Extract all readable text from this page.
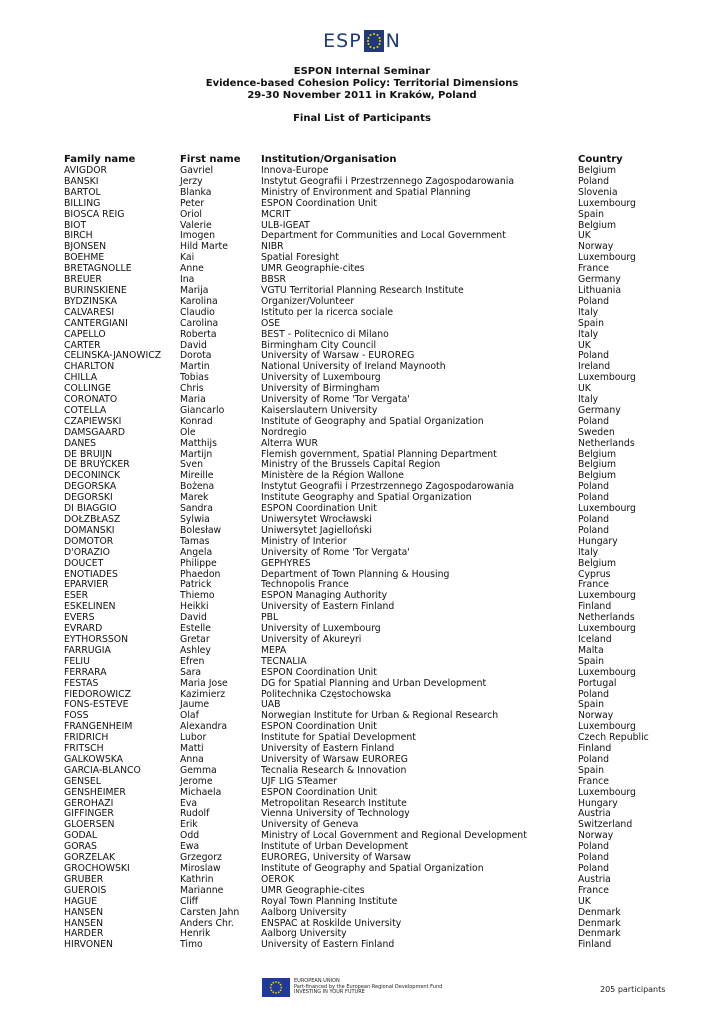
ESP N
ESPON Internal Seminar
Evidence-based Cohesion Policy: Territorial Dimensions
29-30 November 2011 in Kraków, Poland
Final List of Participants
Family name	First name	Institution/Organisation	Country
AVIGDOR	Gavriel	Innova-Europe	Belgium
BANSKI	Jerzy	Instytut Geografii i Przestrzennego Zagospodarowania	Poland
BARTOL	Blanka	Ministry of Environment and Spatial Planning	Slovenia
BILLING	Peter	ESPON Coordination Unit	Luxembourg
BIOSCA REIG	Oriol	MCRIT	Spain
BIOT	Valerie	ULB-IGEAT	Belgium
BIRCH	Imogen	Department for Communities and Local Government	UK
BJONSEN	Hild Marte	NIBR	Norway
BOEHME	Kai	Spatial Foresight	Luxembourg
BRETAGNOLLE	Anne	UMR Geographie-cites	France
BREUER	Ina	BBSR	Germany
BURINSKIENE	Marija	VGTU Territorial Planning Research Institute	Lithuania
BYDZINSKA	Karolina	Organizer/Volunteer	Poland
CALVARESI	Claudio	Istituto per la ricerca sociale	Italy
CANTERGIANI	Carolina	OSE	Spain
CAPELLO	Roberta	BEST - Politecnico di Milano	Italy
CARTER	David	Birmingham City Council	UK
CELINSKA-JANOWICZ	Dorota	University of Warsaw - EUROREG	Poland
CHARLTON	Martin	National University of Ireland Maynooth	Ireland
CHILLA	Tobias	University of Luxembourg	Luxembourg
COLLINGE	Chris	University of Birmingham	UK
CORONATO	Maria	University of Rome 'Tor Vergata'	Italy
COTELLA	Giancarlo	Kaiserslautern University	Germany
CZAPIEWSKI	Konrad	Institute of Geography and Spatial Organization	Poland
DAMSGAARD	Ole	Nordregio	Sweden
DANES	Matthijs	Alterra WUR	Netherlands
DE BRUIJN	Martijn	Flemish government, Spatial Planning Department	Belgium
DE BRUYCKER	Sven	Ministry of the Brussels Capital Region	Belgium
DECONINCK	Mireille	Ministère de la Région Wallone	Belgium
DEGORSKA	Bożena	Instytut Geografii i Przestrzennego Zagospodarowania	Poland
DEGORSKI	Marek	Institute Geography and Spatial Organization	Poland
DI BIAGGIO	Sandra	ESPON Coordination Unit	Luxembourg
DOŁZBŁASZ	Sylwia	Uniwersytet Wrocławski	Poland
DOMANSKI	Bolesław	Uniwersytet Jagielloński	Poland
DOMOTOR	Tamas	Ministry of Interior	Hungary
D'ORAZIO	Angela	University of Rome 'Tor Vergata'	Italy
DOUCET	Philippe	GEPHYRES	Belgium
ENOTIADES	Phaedon	Department of Town Planning & Housing	Cyprus
EPARVIER	Patrick	Technopolis France	France
ESER	Thiemo	ESPON Managing Authority	Luxembourg
ESKELINEN	Heikki	University of Eastern Finland	Finland
EVERS	David	PBL	Netherlands
EVRARD	Estelle	University of Luxembourg	Luxembourg
EYTHORSSON	Gretar	University of Akureyri	Iceland
FARRUGIA	Ashley	MEPA	Malta
FELIU	Efren	TECNALIA	Spain
FERRARA	Sara	ESPON Coordination Unit	Luxembourg
FESTAS	Maria Jose	DG for Spatial Planning and Urban Development	Portugal
FIEDOROWICZ	Kazimierz	Politechnika Częstochowska	Poland
FONS-ESTEVE	Jaume	UAB	Spain
FOSS	Olaf	Norwegian Institute for Urban & Regional Research	Norway
FRANGENHEIM	Alexandra	ESPON Coordination Unit	Luxembourg
FRIDRICH	Lubor	Institute for Spatial Development	Czech Republic
FRITSCH	Matti	University of Eastern Finland	Finland
GALKOWSKA	Anna	University of Warsaw EUROREG	Poland
GARCIA-BLANCO	Gemma	Tecnalia Research & Innovation	Spain
GENSEL	Jerome	UJF LIG STeamer	France
GENSHEIMER	Michaela	ESPON Coordination Unit	Luxembourg
GEROHAZI	Eva	Metropolitan Research Institute	Hungary
GIFFINGER	Rudolf	Vienna University of Technology	Austria
GLOERSEN	Erik	University of Geneva	Switzerland
GODAL	Odd	Ministry of Local Government and Regional Development	Norway
GORAS	Ewa	Institute of Urban Development	Poland
GORZELAK	Grzegorz	EUROREG, University of Warsaw	Poland
GROCHOWSKI	Miroslaw	Institute of Geography and Spatial Organization	Poland
GRUBER	Kathrin	OEROK	Austria
GUEROIS	Marianne	UMR Geographie-cites	France
HAGUE	Cliff	Royal Town Planning Institute	UK
HANSEN	Carsten Jahn	Aalborg University	Denmark
HANSEN	Anders Chr.	ENSPAC at Roskilde University	Denmark
HARDER	Henrik	Aalborg University	Denmark
HIRVONEN	Timo	University of Eastern Finland	Finland
EUROPEAN UNION
Part-financed by the European Regional Development Fund
INVESTING IN YOUR FUTURE	205 participants
